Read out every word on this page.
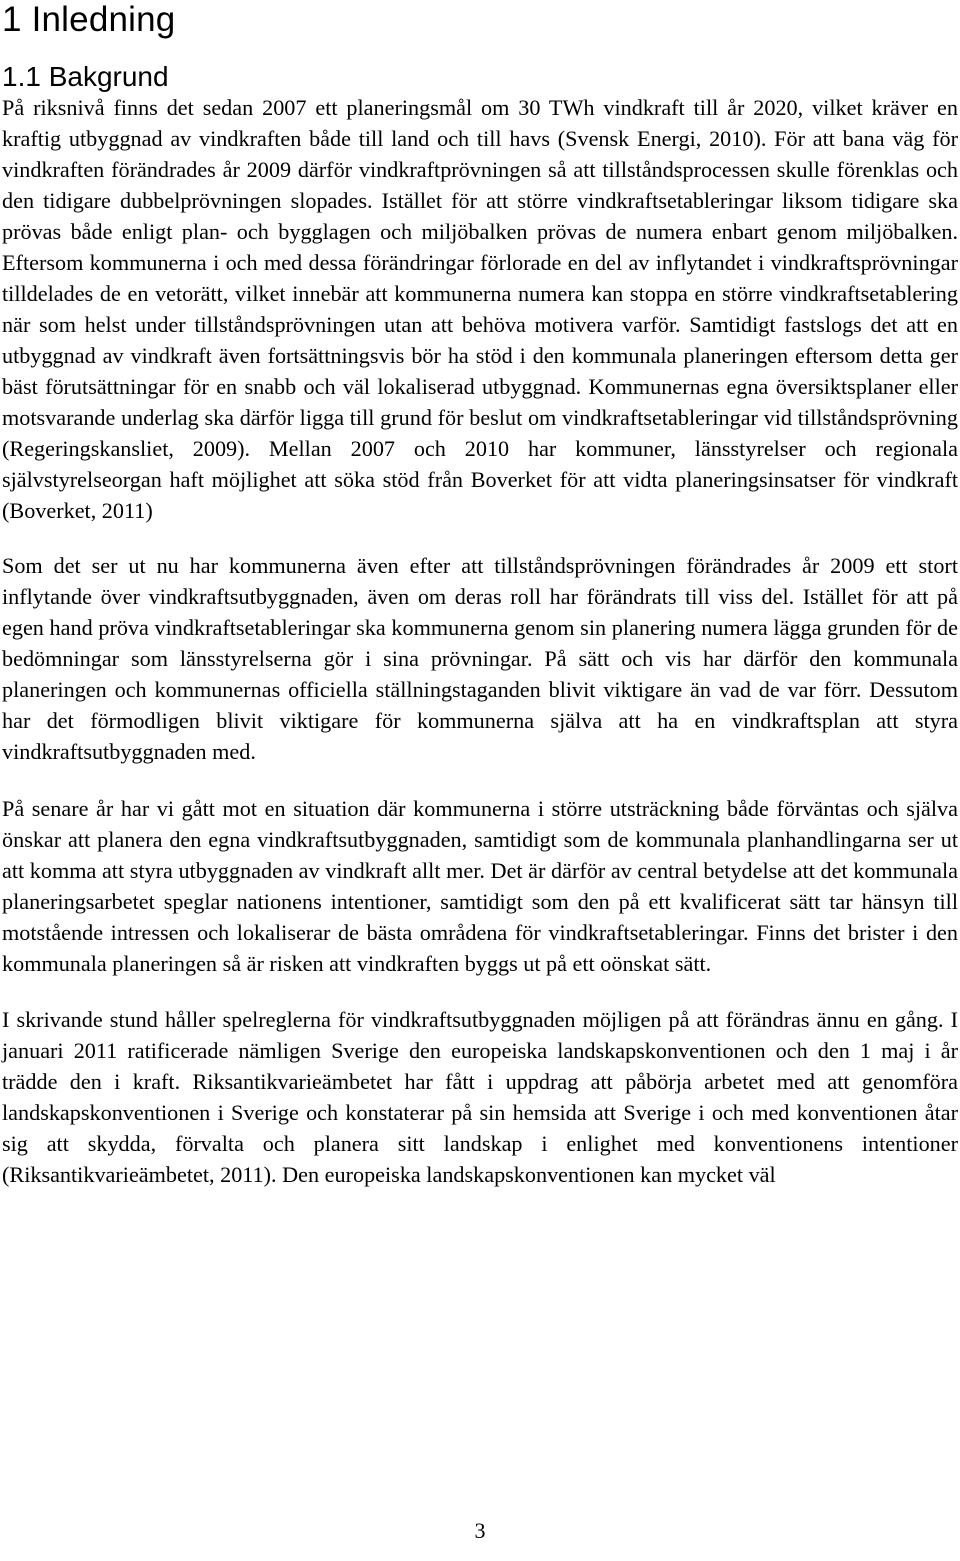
1 Inledning
1.1 Bakgrund

På riksnivå finns det sedan 2007 ett planeringsmål om 30 TWh vindkraft till år 2020, vilket kräver en kraftig utbyggnad av vindkraften både till land och till havs (Svensk Energi, 2010). För att bana väg för vindkraften förändrades år 2009 därför vindkraftprövningen så att tillståndsprocessen skulle förenklas och den tidigare dubbelprövningen slopades. Istället för att större vindkraftsetableringar liksom tidigare ska prövas både enligt plan- och bygglagen och miljöbalken prövas de numera enbart genom miljöbalken. Eftersom kommunerna i och med dessa förändringar förlorade en del av inflytandet i vindkraftsprövningar tilldelades de en vetorätt, vilket innebär att kommunerna numera kan stoppa en större vindkraftsetablering när som helst under tillståndsprövningen utan att behöva motivera varför. Samtidigt fastslogs det att en utbyggnad av vindkraft även fortsättningsvis bör ha stöd i den kommunala planeringen eftersom detta ger bäst förutsättningar för en snabb och väl lokaliserad utbyggnad. Kommunernas egna översiktsplaner eller motsvarande underlag ska därför ligga till grund för beslut om vindkraftsetableringar vid tillståndsprövning (Regeringskansliet, 2009). Mellan 2007 och 2010 har kommuner, länsstyrelser och regionala självstyrelseorgan haft möjlighet att söka stöd från Boverket för att vidta planeringsinsatser för vindkraft (Boverket, 2011)

Som det ser ut nu har kommunerna även efter att tillståndsprövningen förändrades år 2009 ett stort inflytande över vindkraftsutbyggnaden, även om deras roll har förändrats till viss del. Istället för att på egen hand pröva vindkraftsetableringar ska kommunerna genom sin planering numera lägga grunden för de bedömningar som länsstyrelserna gör i sina prövningar. På sätt och vis har därför den kommunala planeringen och kommunernas officiella ställningstaganden blivit viktigare än vad de var förr. Dessutom har det förmodligen blivit viktigare för kommunerna själva att ha en vindkraftsplan att styra vindkraftsutbyggnaden med.

På senare år har vi gått mot en situation där kommunerna i större utsträckning både förväntas och själva önskar att planera den egna vindkraftsutbyggnaden, samtidigt som de kommunala planhandlingarna ser ut att komma att styra utbyggnaden av vindkraft allt mer. Det är därför av central betydelse att det kommunala planeringsarbetet speglar nationens intentioner, samtidigt som den på ett kvalificerat sätt tar hänsyn till motstående intressen och lokaliserar de bästa områdena för vindkraftsetableringar. Finns det brister i den kommunala planeringen så är risken att vindkraften byggs ut på ett oönskat sätt.

I skrivande stund håller spelreglerna för vindkraftsutbyggnaden möjligen på att förändras ännu en gång. I januari 2011 ratificerade nämligen Sverige den europeiska landskapskonventionen och den 1 maj i år trädde den i kraft. Riksantikvarieämbetet har fått i uppdrag att påbörja arbetet med att genomföra landskapskonventionen i Sverige och konstaterar på sin hemsida att Sverige i och med konventionen åtar sig att skydda, förvalta och planera sitt landskap i enlighet med konventionens intentioner (Riksantikvarieämbetet, 2011). Den europeiska landskapskonventionen kan mycket väl

3
